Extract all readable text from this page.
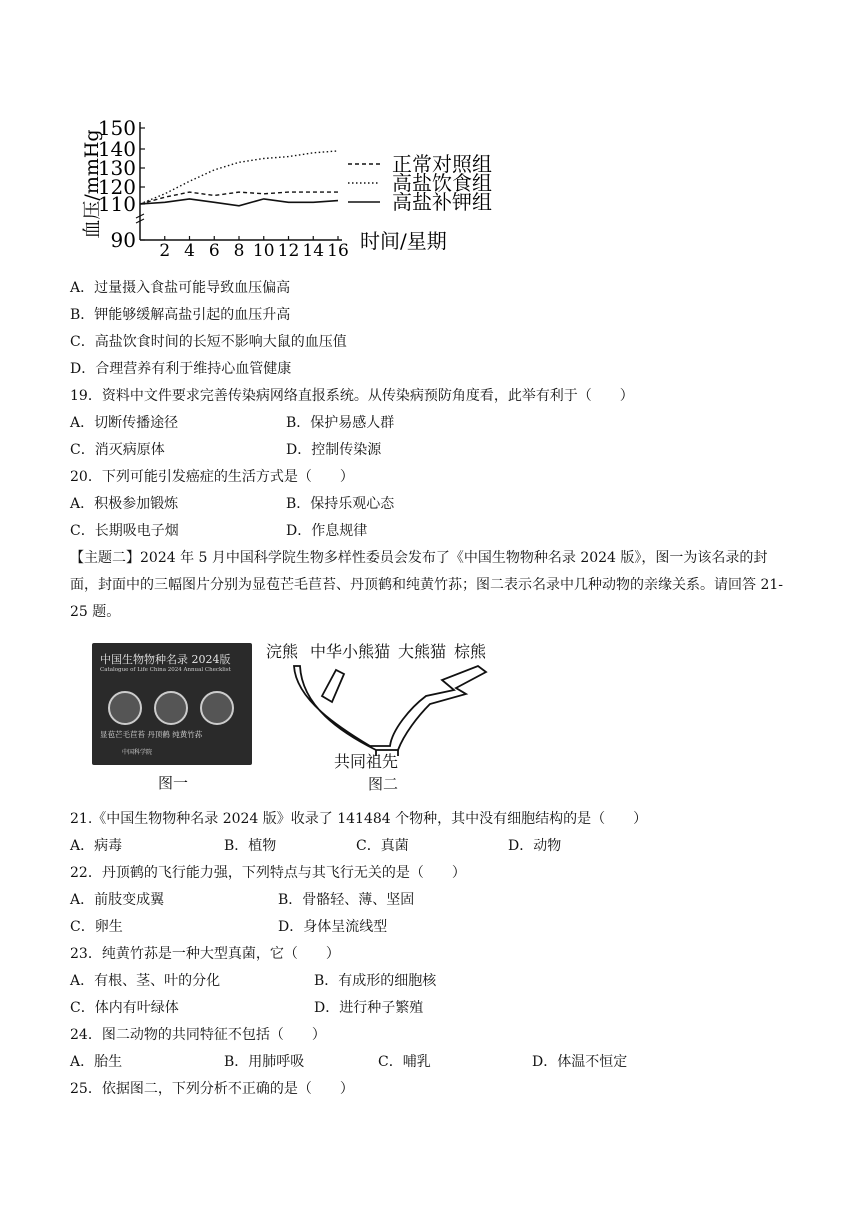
90
110
120
130
140
150
2 4 6 8 10 12 14 16
血压/mmHg
时间/星期
正常对照组
高盐饮食组
高盐补钾组
A．过量摄入食盐可能导致血压偏高
B．钾能够缓解高盐引起的血压升高
C．高盐饮食时间的长短不影响大鼠的血压值
D．合理营养有利于维持心血管健康
19．资料中文件要求完善传染病网络直报系统。从传染病预防角度看，此举有利于（　　）
A．切断传播途径	B．保护易感人群
C．消灭病原体	D．控制传染源
20．下列可能引发癌症的生活方式是（　　）
A．积极参加锻炼	B．保持乐观心态
C．长期吸电子烟	D．作息规律
【主题二】2024 年 5 月中国科学院生物多样性委员会发布了《中国生物物种名录 2024 版》，图一为该名录的封面，封面中的三幅图片分别为显苞芒毛苣苔、丹顶鹤和纯黄竹荪；图二表示名录中几种动物的亲缘关系。请回答 21-25 题。
中国生物物种名录 2024版
Catalogue of Life China 2024 Annual Checklist
显苞芒毛苣苔 丹顶鹤 纯黄竹荪
中国科学院
图一
浣熊 中华小熊猫 大熊猫 棕熊
共同祖先
图二
21.《中国生物物种名录 2024 版》收录了 141484 个物种，其中没有细胞结构的是（　　）
A．病毒	B．植物	C．真菌	D．动物
22．丹顶鹤的飞行能力强，下列特点与其飞行无关的是（　　）
A．前肢变成翼	B．骨骼轻、薄、坚固
C．卵生	D．身体呈流线型
23．纯黄竹荪是一种大型真菌，它（　　）
A．有根、茎、叶的分化	B．有成形的细胞核
C．体内有叶绿体	D．进行种子繁殖
24．图二动物的共同特征不包括（　　）
A．胎生	B．用肺呼吸	C．哺乳	D．体温不恒定
25．依据图二，下列分析不正确的是（　　）
